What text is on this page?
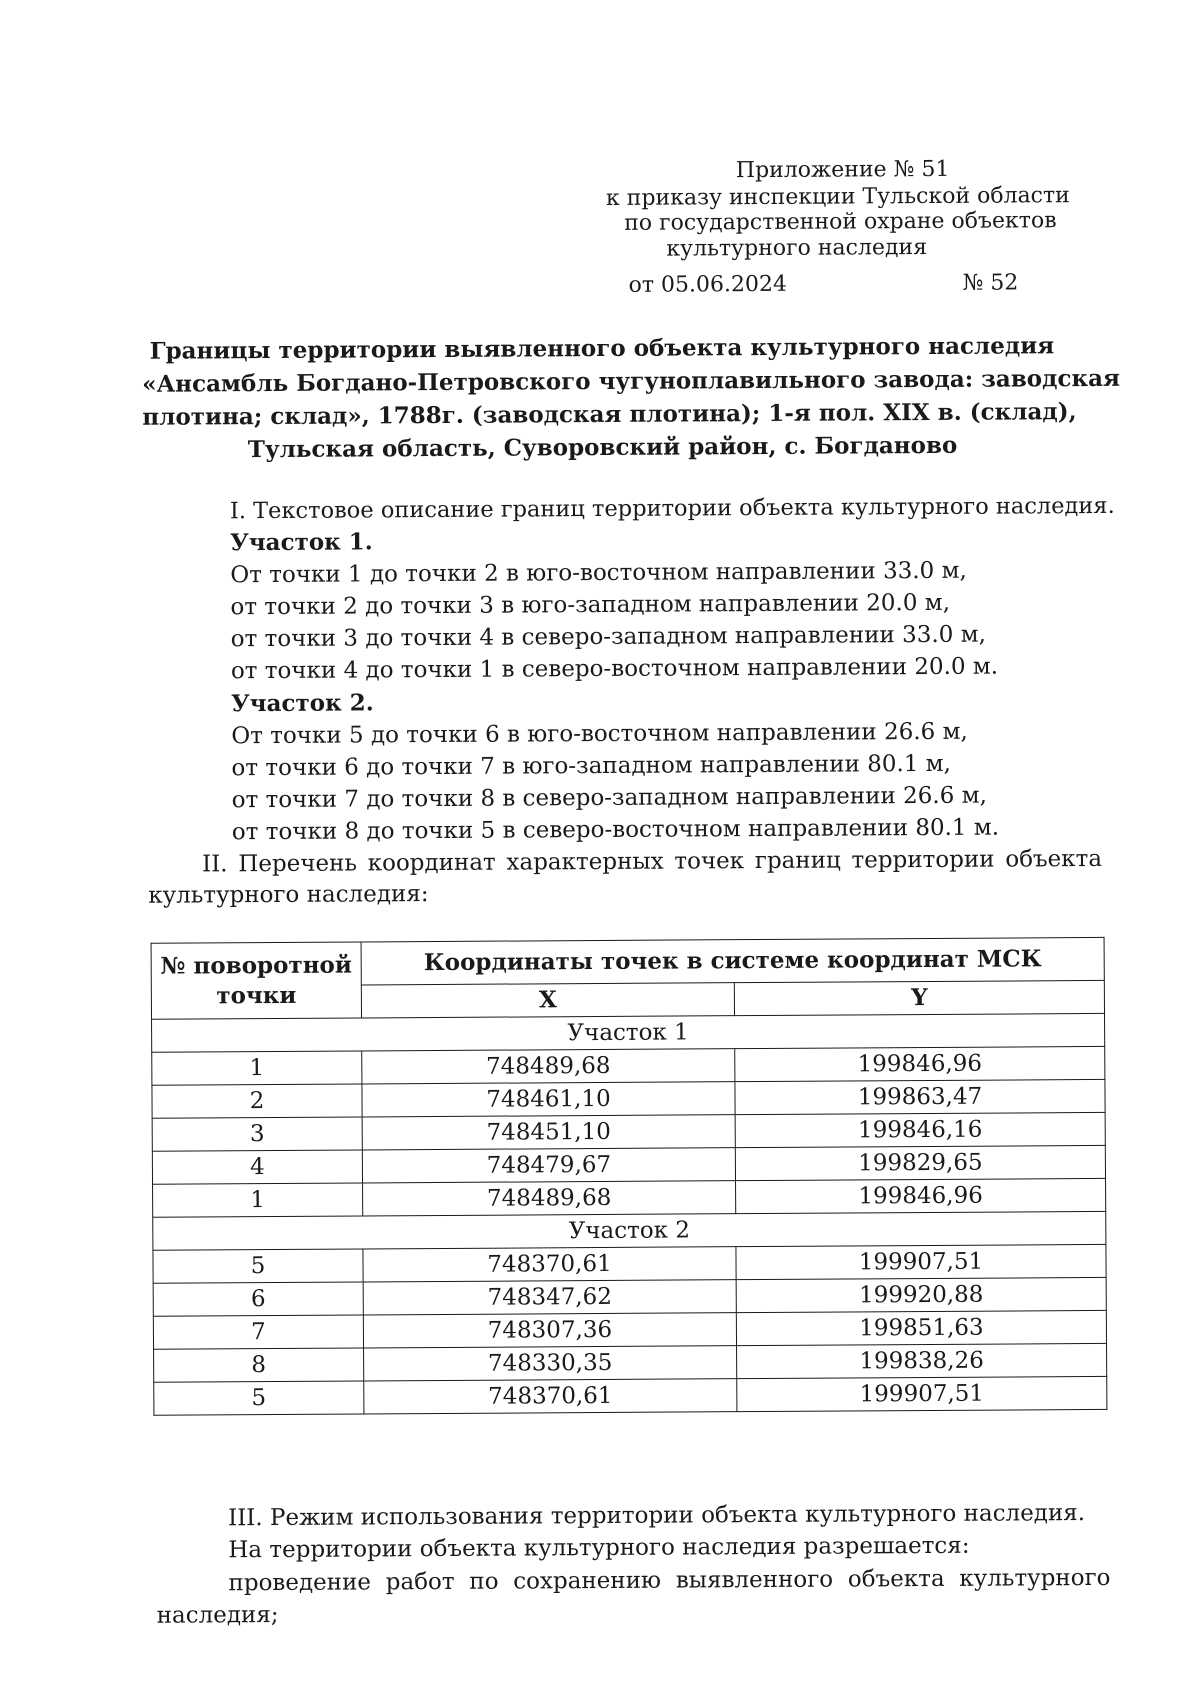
Приложение № 51
к приказу инспекции Тульской области
по государственной охране объектов
культурного наследия
от 05.06.2024	№ 52
Границы территории выявленного объекта культурного наследия
«Ансамбль Богдано-Петровского чугуноплавильного завода: заводская
плотина; склад», 1788г. (заводская плотина); 1-я пол. XIX в. (склад),
Тульская область, Суворовский район, с. Богданово
I. Текстовое описание границ территории объекта культурного наследия.
Участок 1.
От точки 1 до точки 2 в юго-восточном направлении 33.0 м,
от точки 2 до точки 3 в юго-западном направлении 20.0 м,
от точки 3 до точки 4 в северо-западном направлении 33.0 м,
от точки 4 до точки 1 в северо-восточном направлении 20.0 м.
Участок 2.
От точки 5 до точки 6 в юго-восточном направлении 26.6 м,
от точки 6 до точки 7 в юго-западном направлении 80.1 м,
от точки 7 до точки 8 в северо-западном направлении 26.6 м,
от точки 8 до точки 5 в северо-восточном направлении 80.1 м.
II. Перечень координат характерных точек границ территории объекта
культурного наследия:
№ поворотной
точки	Координаты точек в системе координат МСК	
	X	Y
Участок 1		
1	748489,68	199846,96
2	748461,10	199863,47
3	748451,10	199846,16
4	748479,67	199829,65
1	748489,68	199846,96
Участок 2		
5	748370,61	199907,51
6	748347,62	199920,88
7	748307,36	199851,63
8	748330,35	199838,26
5	748370,61	199907,51
III. Режим использования территории объекта культурного наследия.
На территории объекта культурного наследия разрешается:
проведение работ по сохранению выявленного объекта культурного
наследия;
